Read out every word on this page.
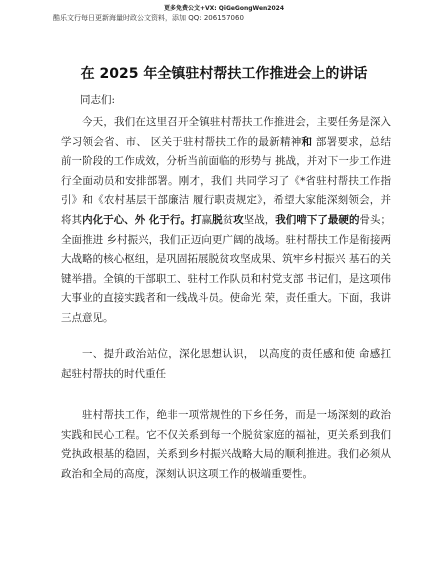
更多免费公文+VX: QiGeGongWen2024
酷乐文行每日更新海量时政公文资料，添加 QQ: 206157060
在 2025 年全镇驻村帮扶工作推进会上的讲话
同志们:

今天，我们在这里召开全镇驻村帮扶工作推进会，主要任务是深入学习领会省、市、 区关于驻村帮扶工作的最新精神和 部署要求，总结前一阶段的工作成效，分析当前面临的形势与 挑战，并对下一步工作进行全面动员和安排部署。刚才，我们 共同学习了《*省驻村帮扶工作指引》和《农村基层干部廉洁 履行职责规定》，希望大家能深刻领会，并将其内化于心、外 化于行。打赢脱贫攻坚战，我们啃下了最硬的骨头；全面推进 乡村振兴，我们正迈向更广阔的战场。驻村帮扶工作是衔接两 大战略的核心枢纽，是巩固拓展脱贫攻坚成果、筑牢乡村振兴 基石的关键举措。全镇的干部职工、驻村工作队员和村党支部 书记们，是这项伟大事业的直接实践者和一线战斗员。使命光 荣，责任重大。下面，我讲三点意见。

一、提升政治站位，深化思想认识， 以高度的责任感和使 命感扛起驻村帮扶的时代重任

驻村帮扶工作，绝非一项常规性的下乡任务，而是一场深刻的政治实践和民心工程。它不仅关系到每一个脱贫家庭的福祉，更关系到我们党执政根基的稳固，关系到乡村振兴战略大局的顺利推进。我们必须从政治和全局的高度，深刻认识这项工作的极端重要性。
